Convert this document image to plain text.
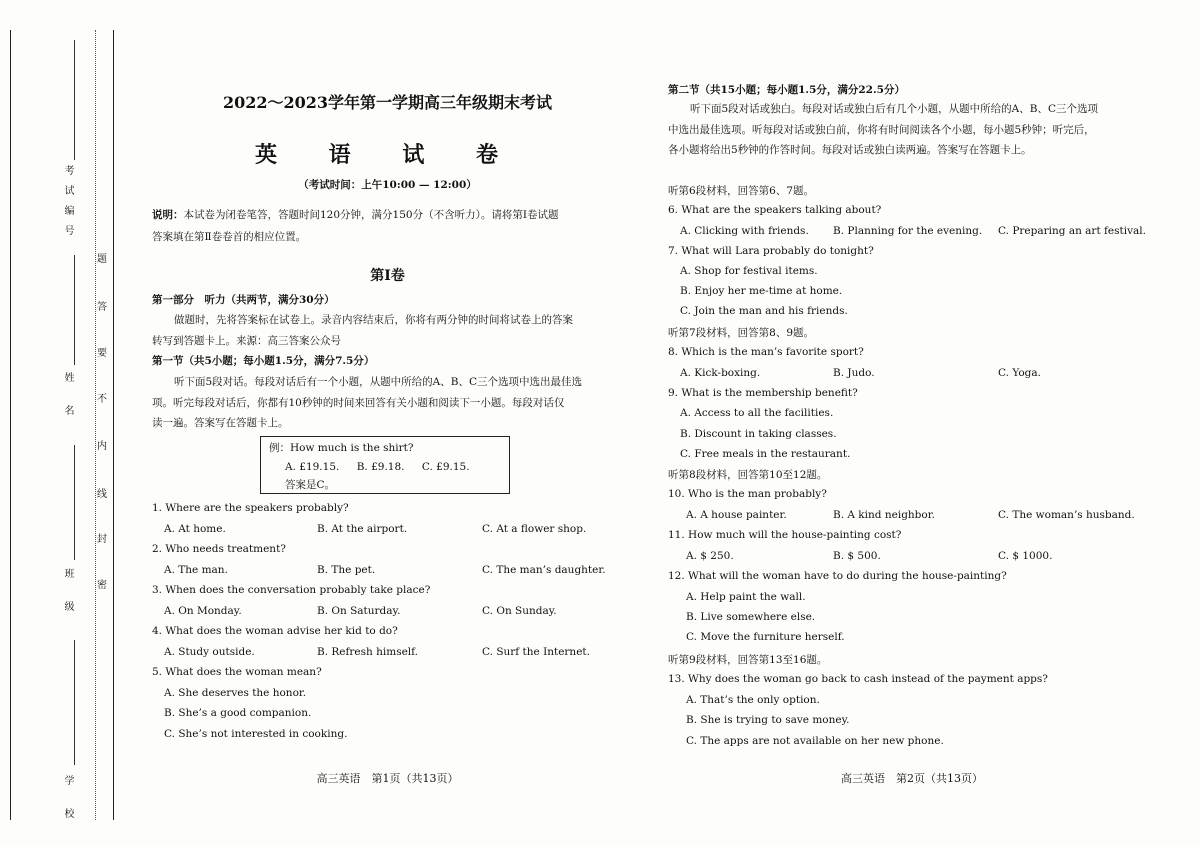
考试编号
姓 名
班 级
学 校
题
答
要
不
内
线
封
密
2022～2023学年第一学期高三年级期末考试
英 语 试 卷
（考试时间：上午10:00 — 12:00）
说明：本试卷为闭卷笔答，答题时间120分钟，满分150分（不含听力）。请将第Ⅰ卷试题
答案填在第Ⅱ卷卷首的相应位置。
第Ⅰ卷
第一部分　听力（共两节，满分30分）
做题时，先将答案标在试卷上。录音内容结束后，你将有两分钟的时间将试卷上的答案
转写到答题卡上。来源：高三答案公众号
第一节（共5小题；每小题1.5分，满分7.5分）
听下面5段对话。每段对话后有一个小题，从题中所给的A、B、C三个选项中选出最佳选
项。听完每段对话后，你都有10秒钟的时间来回答有关小题和阅读下一小题。每段对话仅
读一遍。答案写在答题卡上。
例：How much is the shirt?
A. £19.15. B. £9.18. C. £9.15.
答案是C。
1. Where are the speakers probably?
A. At home.	B. At the airport.	C. At a flower shop.
2. Who needs treatment?
A. The man.	B. The pet.	C. The man’s daughter.
3. When does the conversation probably take place?
A. On Monday.	B. On Saturday.	C. On Sunday.
4. What does the woman advise her kid to do?
A. Study outside.	B. Refresh himself.	C. Surf the Internet.
5. What does the woman mean?
A. She deserves the honor.
B. She’s a good companion.
C. She’s not interested in cooking.
高三英语　第1页（共13页）
第二节（共15小题；每小题1.5分，满分22.5分）
听下面5段对话或独白。每段对话或独白后有几个小题，从题中所给的A、B、C三个选项
中选出最佳选项。听每段对话或独白前，你将有时间阅读各个小题，每小题5秒钟；听完后，
各小题将给出5秒钟的作答时间。每段对话或独白读两遍。答案写在答题卡上。
听第6段材料，回答第6、7题。
6. What are the speakers talking about?
A. Clicking with friends. B. Planning for the evening. C. Preparing an art festival.
7. What will Lara probably do tonight?
A. Shop for festival items.
B. Enjoy her me-time at home.
C. Join the man and his friends.
听第7段材料，回答第8、9题。
8. Which is the man’s favorite sport?
A. Kick-boxing.	B. Judo.	C. Yoga.
9. What is the membership benefit?
A. Access to all the facilities.
B. Discount in taking classes.
C. Free meals in the restaurant.
听第8段材料，回答第10至12题。
10. Who is the man probably?
A. A house painter.	B. A kind neighbor.	C. The woman’s husband.
11. How much will the house-painting cost?
A. $ 250.	B. $ 500.	C. $ 1000.
12. What will the woman have to do during the house-painting?
A. Help paint the wall.
B. Live somewhere else.
C. Move the furniture herself.
听第9段材料，回答第13至16题。
13. Why does the woman go back to cash instead of the payment apps?
A. That’s the only option.
B. She is trying to save money.
C. The apps are not available on her new phone.
高三英语　第2页（共13页）
